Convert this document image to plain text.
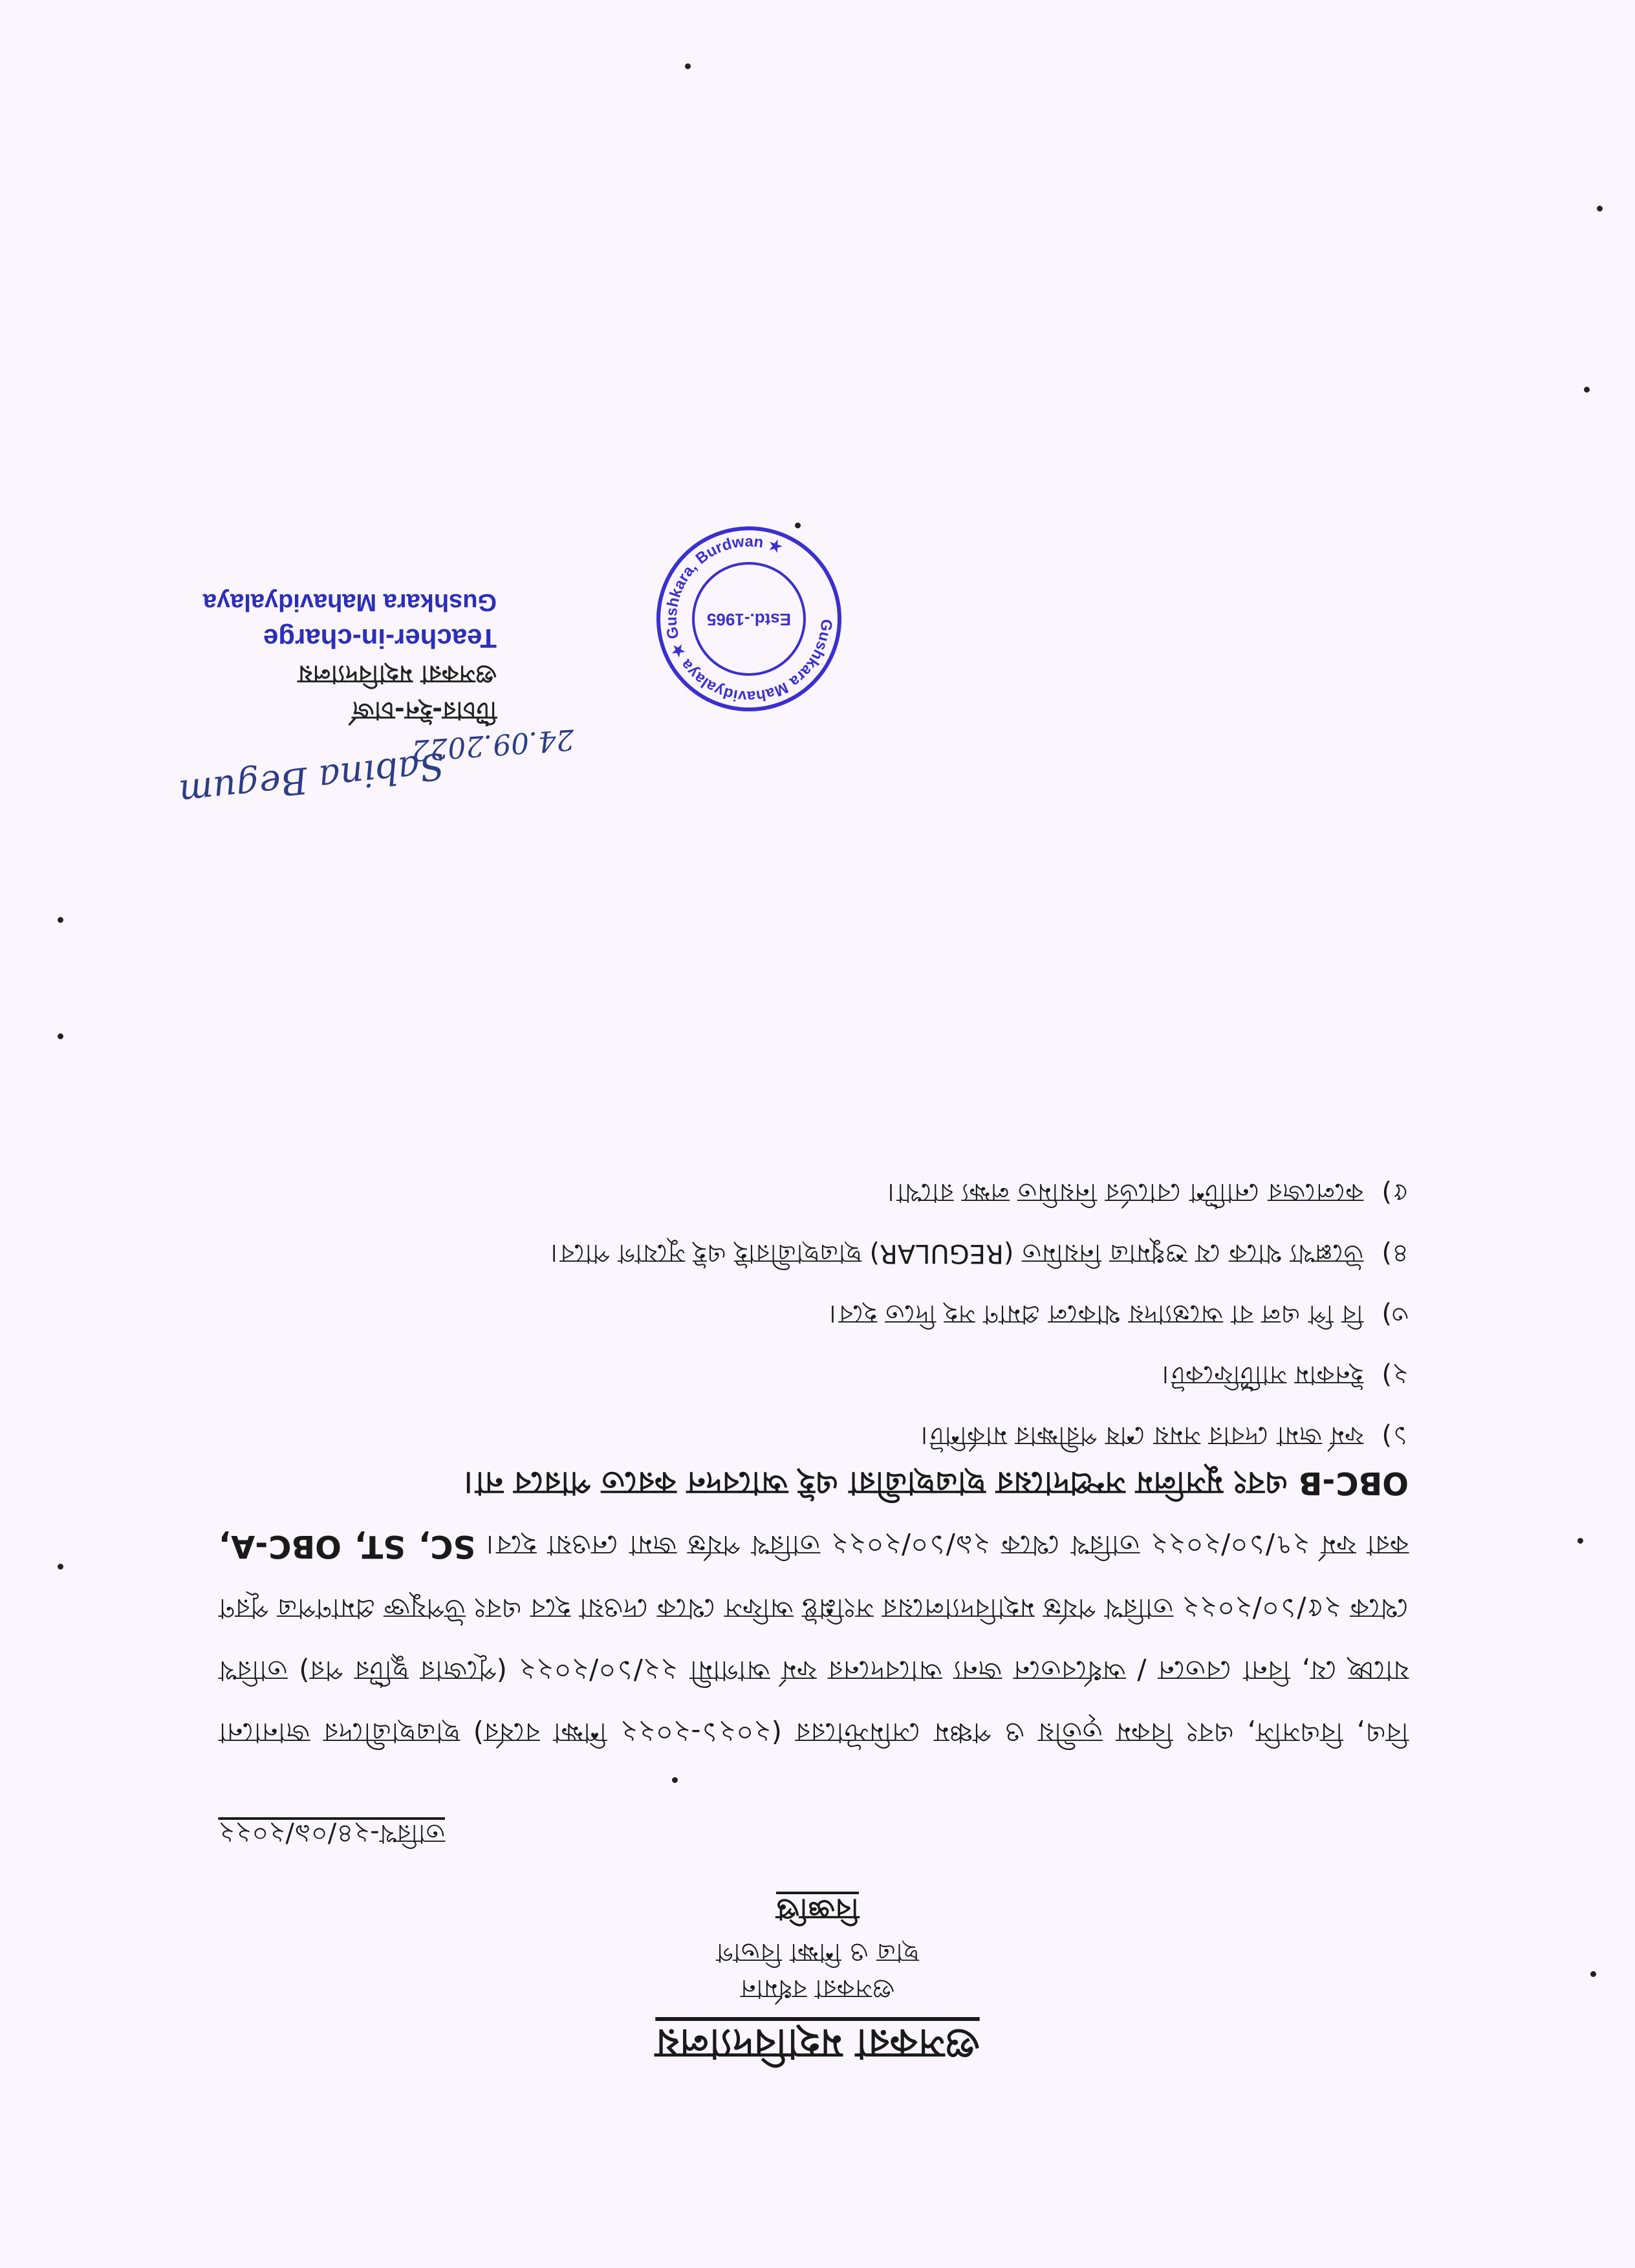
গুসকরা মহাবিদ্যালয়
গুসকরা বর্ধমান
ছাত্র ও শিক্ষা বিভাগ
বিজ্ঞপ্তি
তারিখ-২৪/০৯/২০২২
বিএ, বিএসসি, এবং বিকম তৃতীয় ও পঞ্চম সেমিস্টারের (২০২১-২০২২ শিক্ষা বর্ষের) ছাত্রছাত্রীদের জানানো যাচ্ছে যে, বিনা বেতনে / অর্ধবেতনে জন্য আবেদনের ফর্ম আগামী ২২/১০/২০২২ (পূজোর ছুটির পর) তারিখ থেকে ২৫/১০/২০২২ তারিখ পর্যন্ত মহাবিদ্যালয়ের সংশ্লিষ্ট অফিস থেকে দেওয়া হবে এবং উপযুক্ত প্রমাণপত্র পূরণ করা ফর্ম ২৭/১০/২০২২ তারিখ থেকে ২৯/১০/২০২২ তারিখ পর্যন্ত জমা নেওয়া হবে। SC, ST, OBC-A, OBC-B এবং মুসলিম সম্প্রদায়ের ছাত্রছাত্রীরা এই আবেদন করতে পারবে না।
১)ফর্ম জমা দেবার সময় শেষ পরীক্ষার মার্কশিট।
২)ইনকাম সার্টিফিকেট।
৩)বি পি এল বা অন্ত্যোদয় থাকলে প্রমাণ সহ দিতে হবে।
৪)উল্লেখ্য থাকে যে শুধুমাত্র নিয়মিত (REGULAR) ছাত্রছাত্রীরাই এই সুযোগ পাবে।
৫)কলেজের নোটিশ বোর্ডের নিয়মিত লক্ষ্য রাখো।
Sabina Begum
24.09.2022
টিচার-ইন-চার্জ
গুসকরা মহাবিদ্যালয়
Teacher-in-charge
Gushkara Mahavidyalaya
Gushkara Mahavidyalaya ★ Gushkara, Burdwan ★
Estd.-1965
